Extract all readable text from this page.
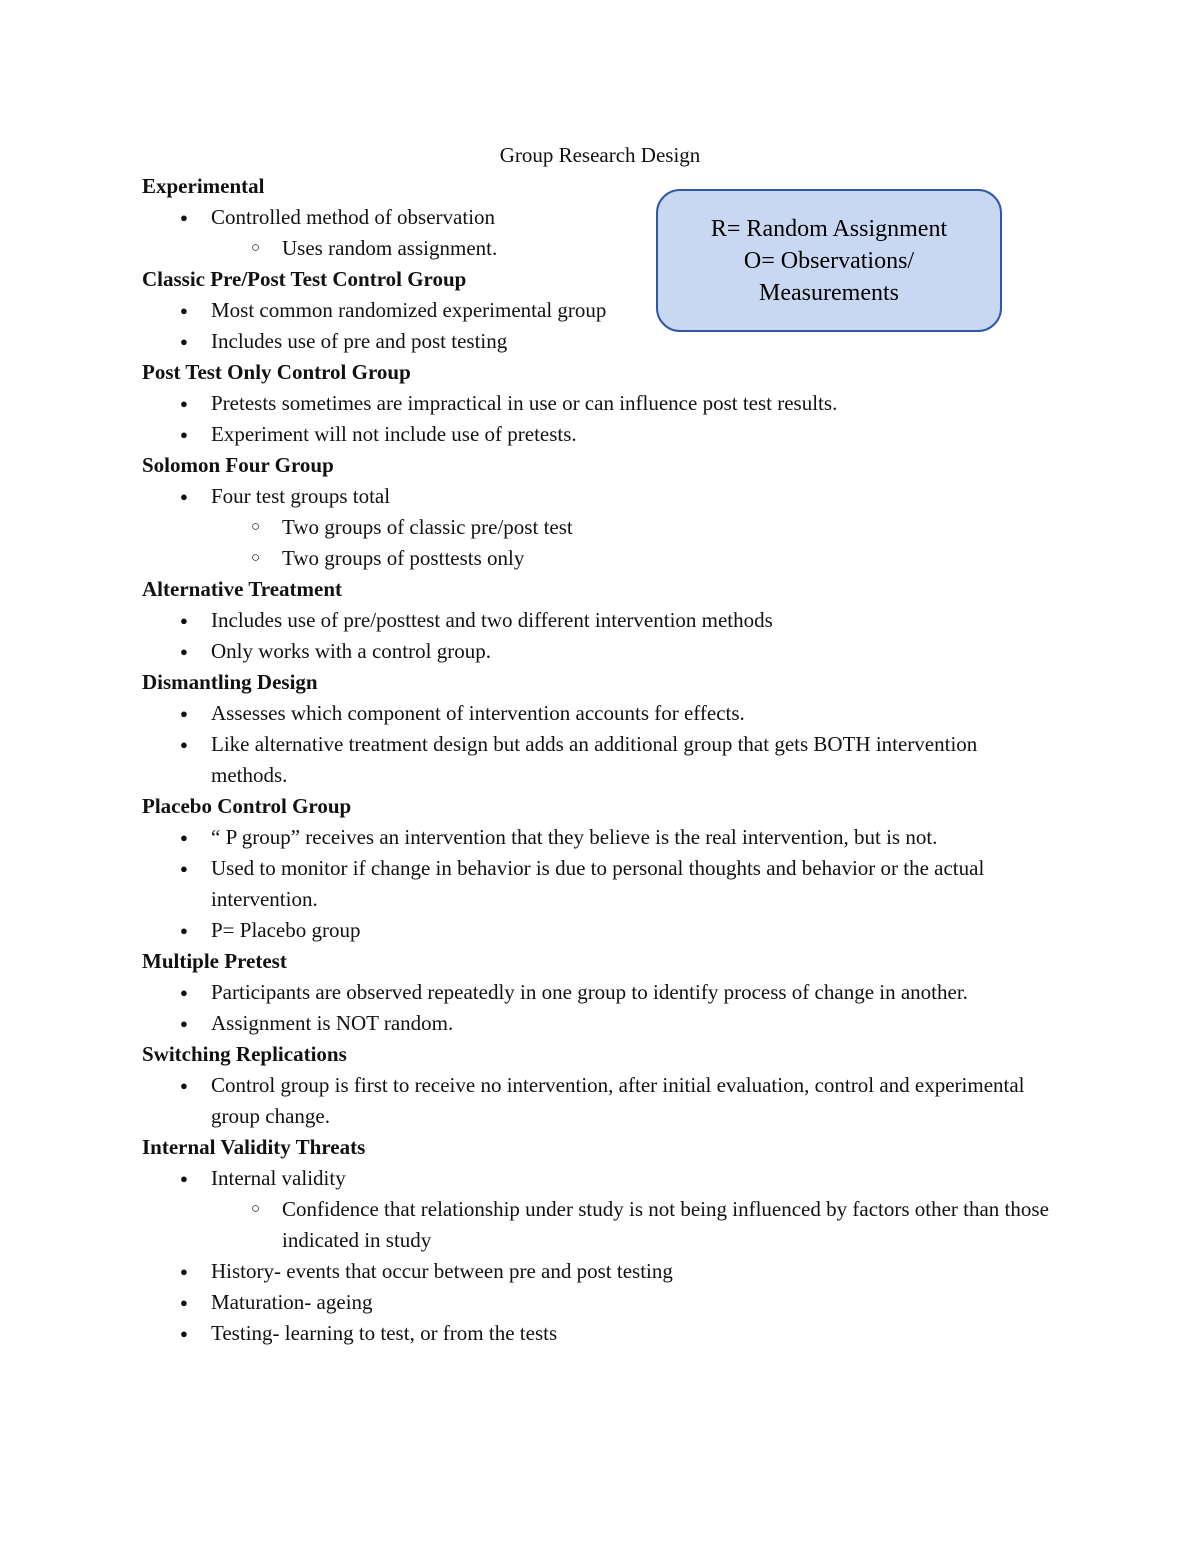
Group Research Design
R= Random Assignment
O= Observations/
Measurements
Experimental
● Controlled method of observation
○ Uses random assignment.
Classic Pre/Post Test Control Group
● Most common randomized experimental group
● Includes use of pre and post testing
Post Test Only Control Group
● Pretests sometimes are impractical in use or can influence post test results.
● Experiment will not include use of pretests.
Solomon Four Group
● Four test groups total
○ Two groups of classic pre/post test
○ Two groups of posttests only
Alternative Treatment
● Includes use of pre/posttest and two different intervention methods
● Only works with a control group.
Dismantling Design
● Assesses which component of intervention accounts for effects.
● Like alternative treatment design but adds an additional group that gets BOTH intervention methods.
Placebo Control Group
● “ P group” receives an intervention that they believe is the real intervention, but is not.
● Used to monitor if change in behavior is due to personal thoughts and behavior or the actual intervention.
● P= Placebo group
Multiple Pretest
● Participants are observed repeatedly in one group to identify process of change in another.
● Assignment is NOT random.
Switching Replications
● Control group is first to receive no intervention, after initial evaluation, control and experimental group change.
Internal Validity Threats
● Internal validity
○ Confidence that relationship under study is not being influenced by factors other than those indicated in study
● History- events that occur between pre and post testing
● Maturation- ageing
● Testing- learning to test, or from the tests
